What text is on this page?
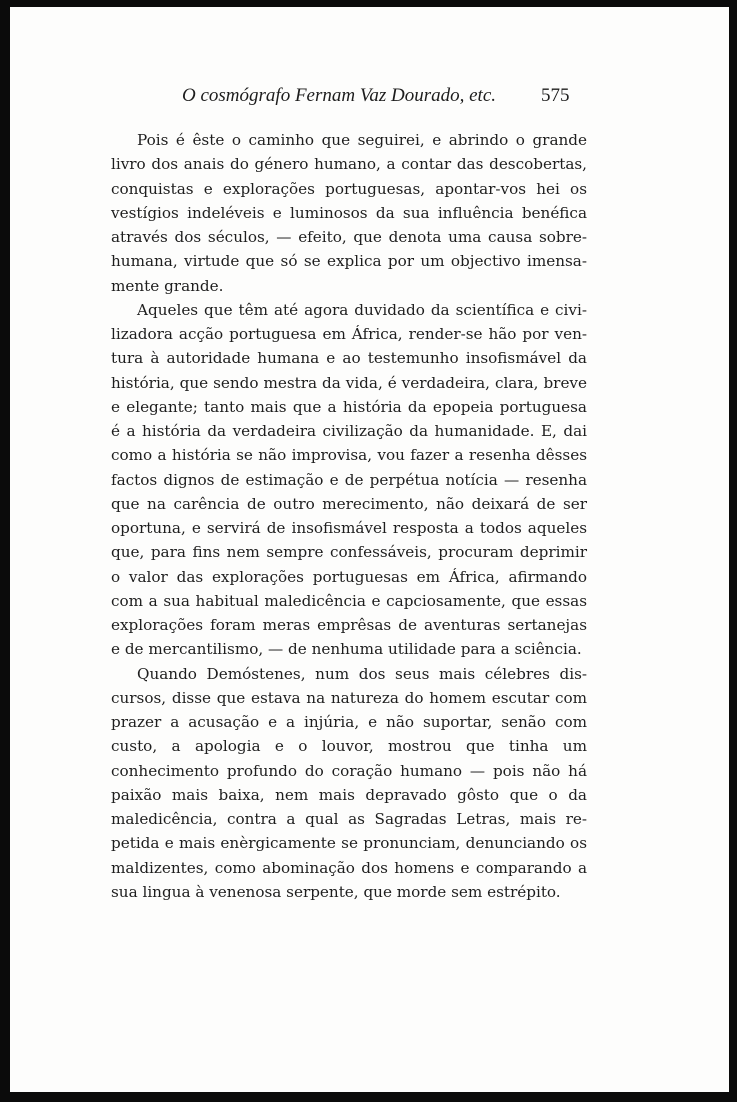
O cosmógrafo Fernam Vaz Dourado, etc. 575

Pois é êste o caminho que seguirei, e abrindo o grande livro dos anais do género humano, a contar das descobertas, conquistas e explorações portuguesas, apontar-vos hei os vestígios indeléveis e luminosos da sua influência benéfica através dos séculos, — efeito, que denota uma causa sobre-humana, virtude que só se explica por um objectivo imensamente grande.

Aqueles que têm até agora duvidado da scientífica e civilizadora acção portuguesa em África, render-se hão por ventura à autoridade humana e ao testemunho insofismável da história, que sendo mestra da vida, é verdadeira, clara, breve e elegante; tanto mais que a história da epopeia portuguesa é a história da verdadeira civilização da humanidade. E, dai como a história se não improvisa, vou fazer a resenha dêsses factos dignos de estimação e de perpétua notícia — resenha que na carência de outro merecimento, não deixará de ser oportuna, e servirá de insofismável resposta a todos aqueles que, para fins nem sempre confessáveis, procuram deprimir o valor das explorações portuguesas em África, afirmando com a sua habitual maledicência e capciosamente, que essas explorações foram meras emprêsas de aventuras sertanejas e de mercantilismo, — de nenhuma utilidade para a sciência.

Quando Demóstenes, num dos seus mais célebres discursos, disse que estava na natureza do homem escutar com prazer a acusação e a injúria, e não suportar, senão com custo, a apologia e o louvor, mostrou que tinha um conhecimento profundo do coração humano — pois não há paixão mais baixa, nem mais depravado gôsto que o da maledicência, contra a qual as Sagradas Letras, mais repetida e mais enèrgicamente se pronunciam, denunciando os maldizentes, como abominação dos homens e comparando a sua lingua à venenosa serpente, que morde sem estrépito.
